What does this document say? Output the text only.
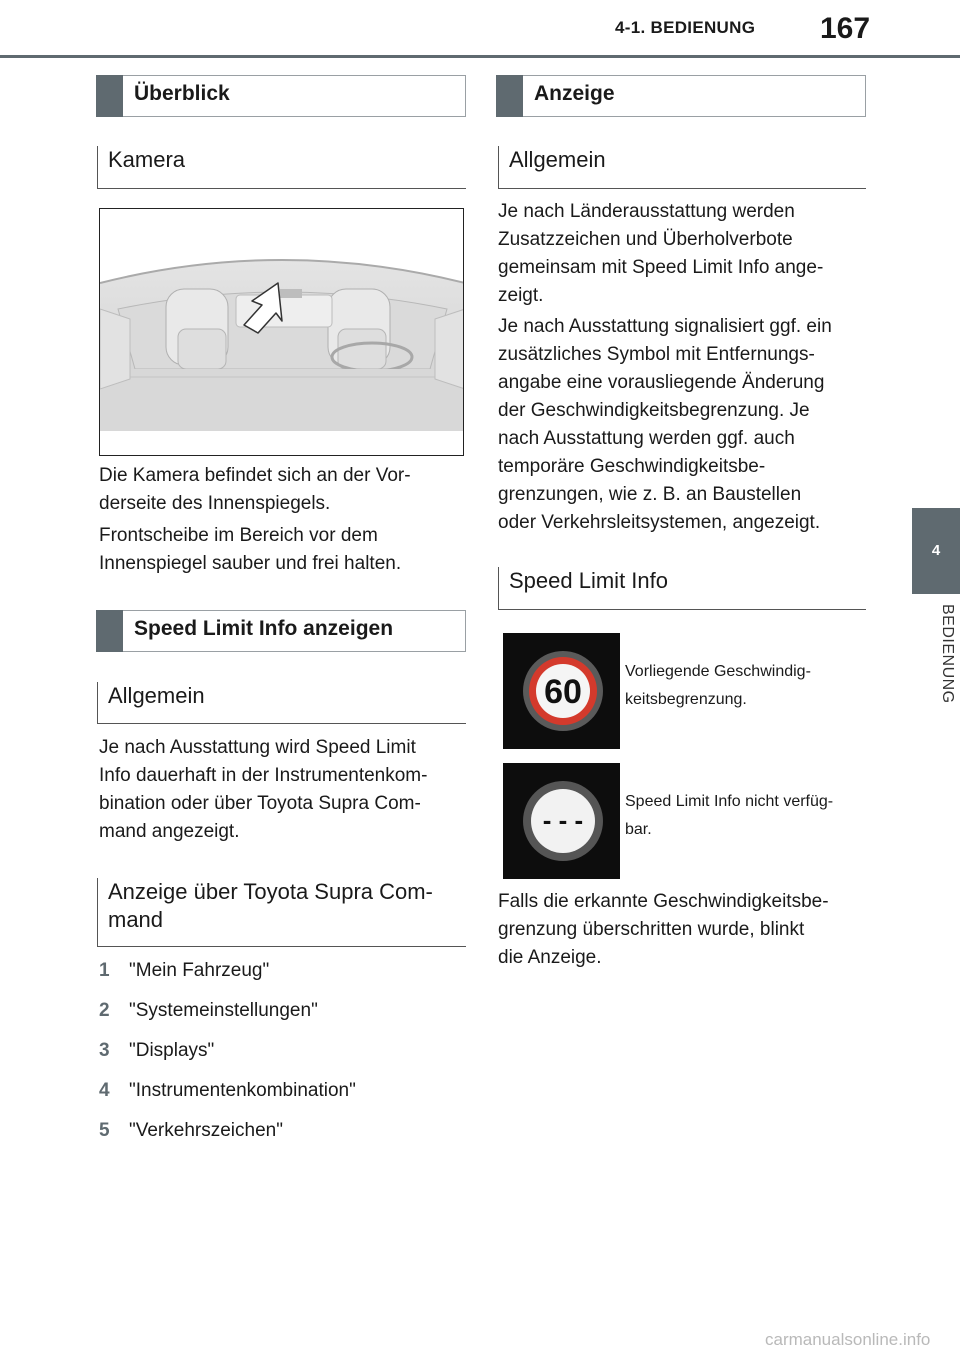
4-1. BEDIENUNG 167
4
BEDIENUNG
Überblick
Kamera
Die Kamera befindet sich an der Vor-
derseite des Innenspiegels.
Frontscheibe im Bereich vor dem
Innenspiegel sauber und frei halten.
Speed Limit Info anzeigen
Allgemein
Je nach Ausstattung wird Speed Limit
Info dauerhaft in der Instrumentenkom-
bination oder über Toyota Supra Com-
mand angezeigt.
Anzeige über Toyota Supra Com-
mand
1 "Mein Fahrzeug"
2 "Systemeinstellungen"
3 "Displays"
4 "Instrumentenkombination"
5 "Verkehrszeichen"
Anzeige
Allgemein
Je nach Länderausstattung werden
Zusatzzeichen und Überholverbote
gemeinsam mit Speed Limit Info ange-
zeigt.
Je nach Ausstattung signalisiert ggf. ein
zusätzliches Symbol mit Entfernungs-
angabe eine vorausliegende Änderung
der Geschwindigkeitsbegrenzung. Je
nach Ausstattung werden ggf. auch
temporäre Geschwindigkeitsbe-
grenzungen, wie z. B. an Baustellen
oder Verkehrsleitsystemen, angezeigt.
Speed Limit Info
60
Vorliegende Geschwindig-
keitsbegrenzung.
- - -
Speed Limit Info nicht verfüg-
bar.
Falls die erkannte Geschwindigkeitsbe-
grenzung überschritten wurde, blinkt
die Anzeige.
carmanualsonline.info
